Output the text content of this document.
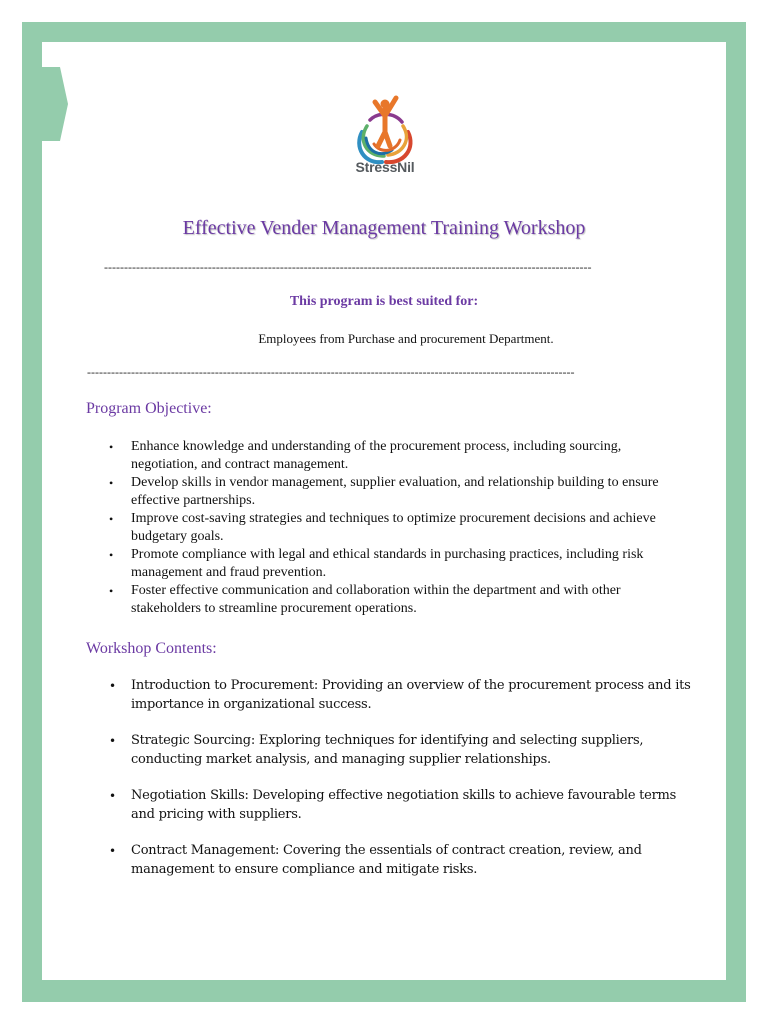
StressNil
Effective Vender Management Training Workshop
--------------------------------------------------------------------------------------------------------------------------
This program is best suited for:
Employees from Purchase and procurement Department.
--------------------------------------------------------------------------------------------------------------------------
Program Objective:
• Enhance knowledge and understanding of the procurement process, including sourcing, negotiation, and contract management.
• Develop skills in vendor management, supplier evaluation, and relationship building to ensure effective partnerships.
• Improve cost-saving strategies and techniques to optimize procurement decisions and achieve budgetary goals.
• Promote compliance with legal and ethical standards in purchasing practices, including risk management and fraud prevention.
• Foster effective communication and collaboration within the department and with other stakeholders to streamline procurement operations.
Workshop Contents:
• Introduction to Procurement: Providing an overview of the procurement process and its importance in organizational success.
• Strategic Sourcing: Exploring techniques for identifying and selecting suppliers, conducting market analysis, and managing supplier relationships.
• Negotiation Skills: Developing effective negotiation skills to achieve favourable terms and pricing with suppliers.
• Contract Management: Covering the essentials of contract creation, review, and management to ensure compliance and mitigate risks.
